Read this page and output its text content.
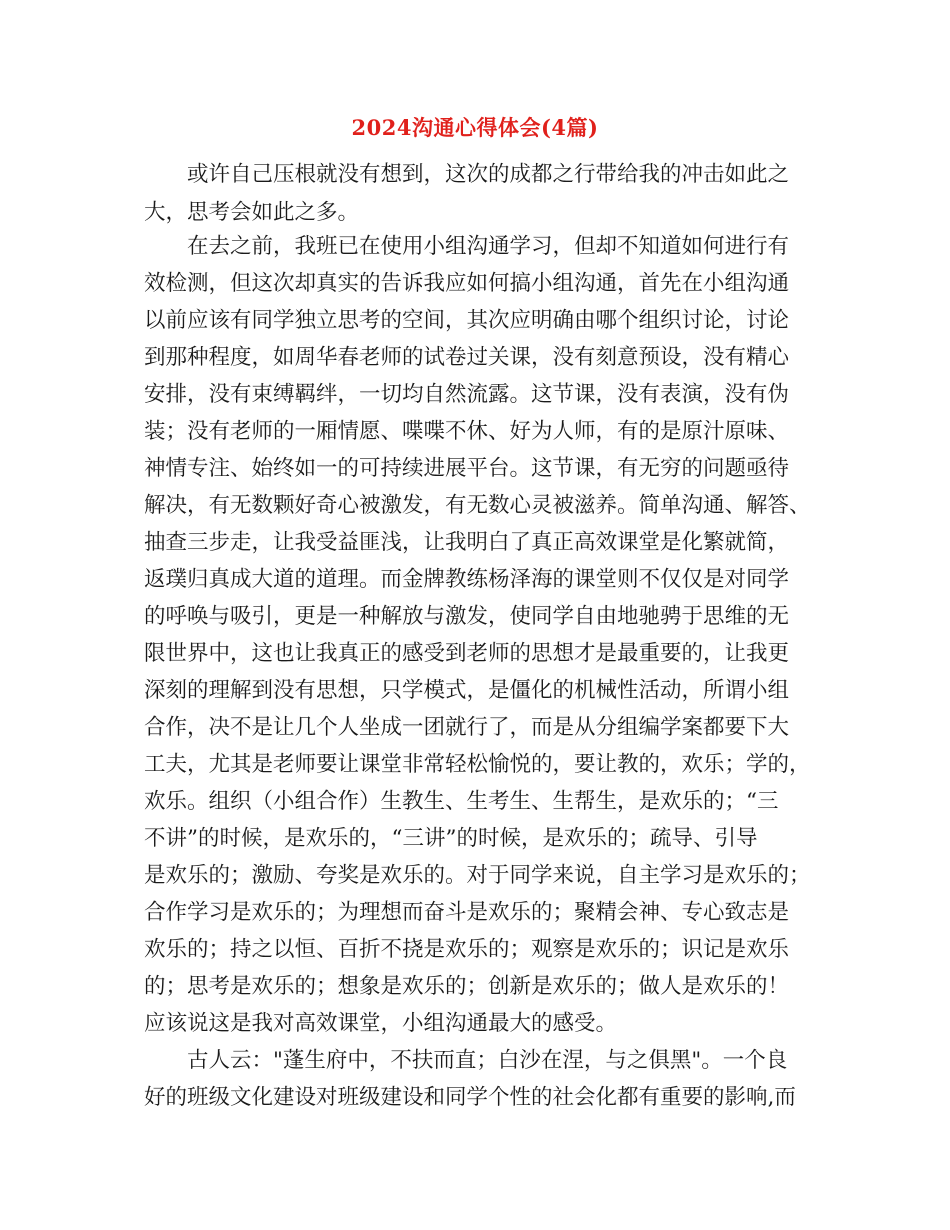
2024沟通心得体会(4篇)
或许自己压根就没有想到，这次的成都之行带给我的冲击如此之
大，思考会如此之多。
在去之前，我班已在使用小组沟通学习，但却不知道如何进行有
效检测，但这次却真实的告诉我应如何搞小组沟通，首先在小组沟通
以前应该有同学独立思考的空间，其次应明确由哪个组织讨论，讨论
到那种程度，如周华春老师的试卷过关课，没有刻意预设，没有精心
安排，没有束缚羁绊，一切均自然流露。这节课，没有表演，没有伪
装；没有老师的一厢情愿、喋喋不休、好为人师，有的是原汁原味、
神情专注、始终如一的可持续进展平台。这节课，有无穷的问题亟待
解决，有无数颗好奇心被激发，有无数心灵被滋养。简单沟通、解答、
抽查三步走，让我受益匪浅，让我明白了真正高效课堂是化繁就简，
返璞归真成大道的道理。而金牌教练杨泽海的课堂则不仅仅是对同学
的呼唤与吸引，更是一种解放与激发，使同学自由地驰骋于思维的无
限世界中，这也让我真正的感受到老师的思想才是最重要的，让我更
深刻的理解到没有思想，只学模式，是僵化的机械性活动，所谓小组
合作，决不是让几个人坐成一团就行了，而是从分组编学案都要下大
工夫，尤其是老师要让课堂非常轻松愉悦的，要让教的，欢乐；学的，
欢乐。组织（小组合作）生教生、生考生、生帮生，是欢乐的；“三
不讲”的时候，是欢乐的，“三讲”的时候，是欢乐的；疏导、引导
是欢乐的；激励、夸奖是欢乐的。对于同学来说，自主学习是欢乐的；
合作学习是欢乐的；为理想而奋斗是欢乐的；聚精会神、专心致志是
欢乐的；持之以恒、百折不挠是欢乐的；观察是欢乐的；识记是欢乐
的；思考是欢乐的；想象是欢乐的；创新是欢乐的；做人是欢乐的！
应该说这是我对高效课堂，小组沟通最大的感受。
古人云："蓬生府中，不扶而直；白沙在涅，与之俱黑"。一个良
好的班级文化建设对班级建设和同学个性的社会化都有重要的影响,而
